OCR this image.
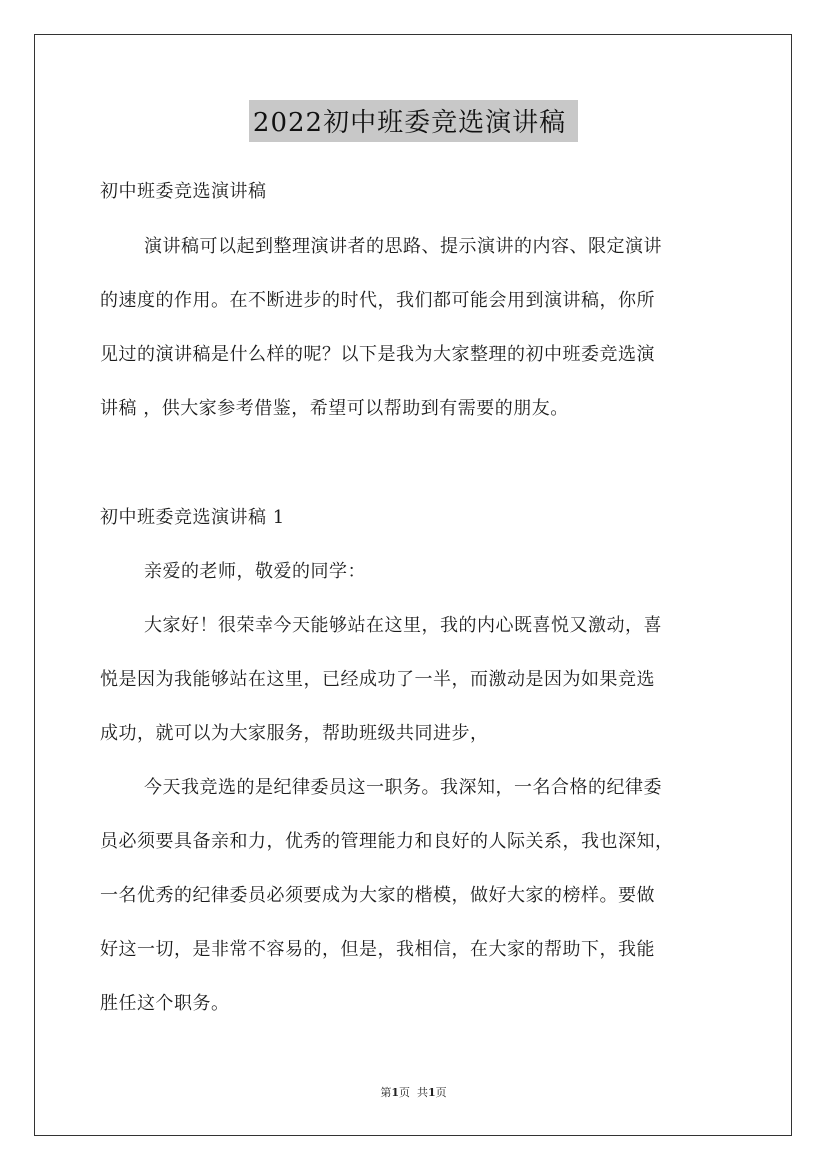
2022初中班委竞选演讲稿
初中班委竞选演讲稿
演讲稿可以起到整理演讲者的思路、提示演讲的内容、限定演讲
的速度的作用。在不断进步的时代，我们都可能会用到演讲稿，你所
见过的演讲稿是什么样的呢？以下是我为大家整理的初中班委竞选演
讲稿 ，供大家参考借鉴，希望可以帮助到有需要的朋友。
初中班委竞选演讲稿 1
亲爱的老师，敬爱的同学：
大家好！很荣幸今天能够站在这里，我的内心既喜悦又激动，喜
悦是因为我能够站在这里，已经成功了一半，而激动是因为如果竞选
成功，就可以为大家服务，帮助班级共同进步，
今天我竞选的是纪律委员这一职务。我深知，一名合格的纪律委
员必须要具备亲和力，优秀的管理能力和良好的人际关系，我也深知，
一名优秀的纪律委员必须要成为大家的楷模，做好大家的榜样。要做
好这一切，是非常不容易的，但是，我相信，在大家的帮助下，我能
胜任这个职务。
第1页 共1页
